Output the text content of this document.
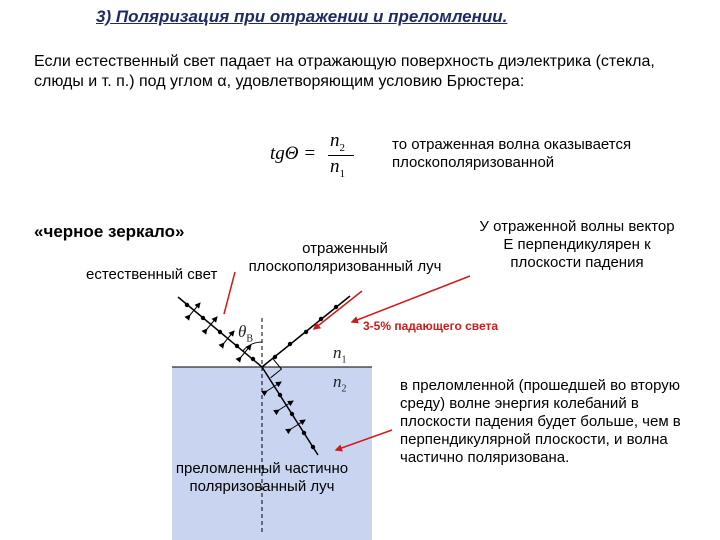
3) Поляризация при отражении и преломлении.
Если естественный свет падает на отражающую поверхность диэлектрика (стекла, слюды и т. п.) под углом α, удовлетворяющим условию Брюстера:
tgΘ =
$n_2$
$n_1$
то отраженная волна оказывается плоскополяризованной
«черное зеркало»
естественный свет
отраженный плоскополяризованный луч
У отраженной волны вектор Е перпендикулярен к плоскости падения
3-5% падающего света
$\theta_B$
$n_1$
$n_2$
преломленный частично поляризованный луч
в преломленной (прошедшей во вторую среду) волне энергия колебаний в плоскости падения будет больше, чем в перпендикулярной плоскости, и волна частично поляризована.
